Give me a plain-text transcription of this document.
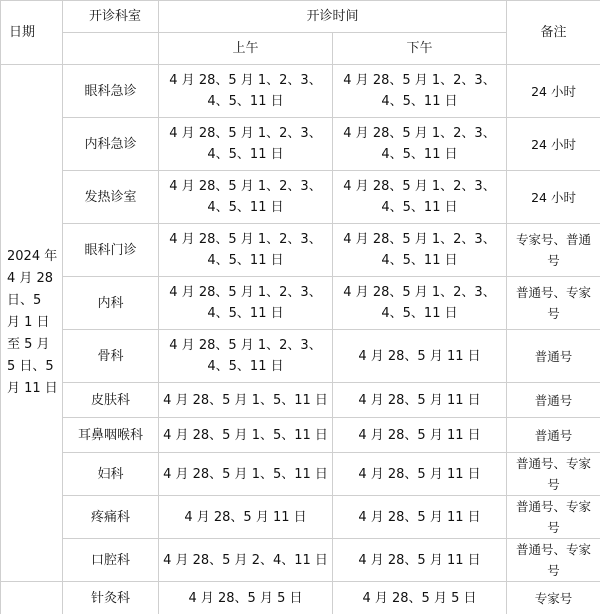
日期	开诊科室	开诊时间		备注
		上午	下午	
2024 年 4 月 28 日、5 月 1 日至 5 月 5 日、5 月 11 日	眼科急诊	4 月 28、5 月 1、2、3、4、5、11 日	4 月 28、5 月 1、2、3、4、5、11 日	24 小时
	内科急诊	4 月 28、5 月 1、2、3、4、5、11 日	4 月 28、5 月 1、2、3、4、5、11 日	24 小时
	发热诊室	4 月 28、5 月 1、2、3、4、5、11 日	4 月 28、5 月 1、2、3、4、5、11 日	24 小时
	眼科门诊	4 月 28、5 月 1、2、3、4、5、11 日	4 月 28、5 月 1、2、3、4、5、11 日	专家号、普通号
	内科	4 月 28、5 月 1、2、3、4、5、11 日	4 月 28、5 月 1、2、3、4、5、11 日	普通号、专家号
	骨科	4 月 28、5 月 1、2、3、4、5、11 日	4 月 28、5 月 11 日	普通号
	皮肤科	4 月 28、5 月 1、5、11 日	4 月 28、5 月 11 日	普通号
	耳鼻咽喉科	4 月 28、5 月 1、5、11 日	4 月 28、5 月 11 日	普通号
	妇科	4 月 28、5 月 1、5、11 日	4 月 28、5 月 11 日	普通号、专家号
	疼痛科	4 月 28、5 月 11 日	4 月 28、5 月 11 日	普通号、专家号
	口腔科	4 月 28、5 月 2、4、11 日	4 月 28、5 月 11 日	普通号、专家号
	针灸科	4 月 28、5 月 5 日	4 月 28、5 月 5 日	专家号
